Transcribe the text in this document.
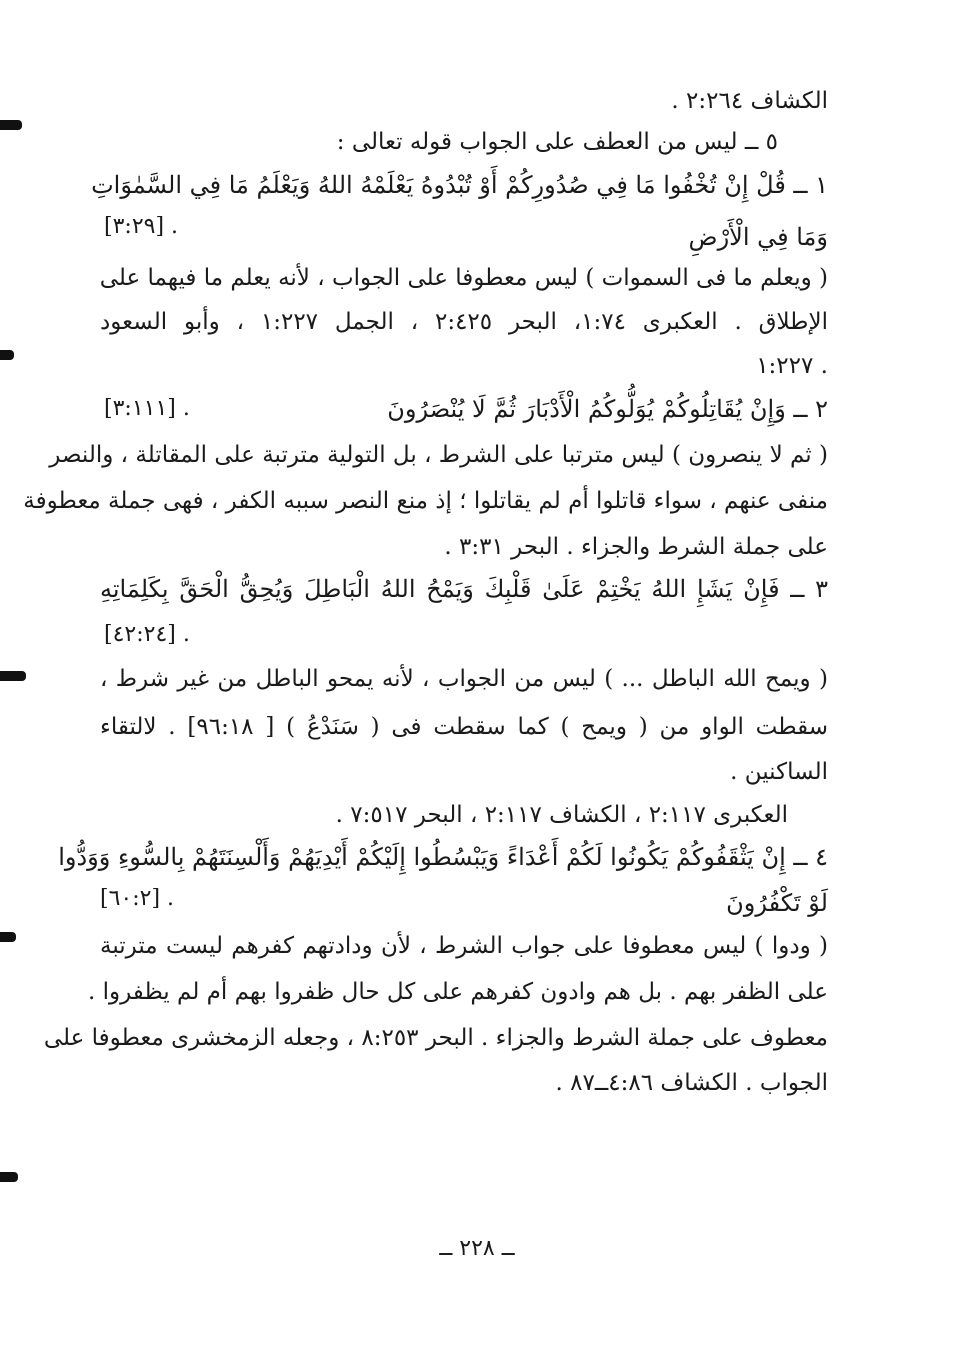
الكشاف ٢:٢٦٤ .
٥ ــ ليس من العطف على الجواب قوله تعالى :
١ ــ قُلْ إِنْ تُخْفُوا مَا فِي صُدُورِكُمْ أَوْ تُبْدُوهُ يَعْلَمْهُ اللهُ وَيَعْلَمُ مَا فِي السَّمٰوَاتِ
وَمَا فِي الْأَرْضِ
[٣:٢٩] .
( ويعلم ما فى السموات ) ليس معطوفا على الجواب ، لأنه يعلم ما فيهما على
الإطلاق . العكبرى ١:٧٤، البحر ٢:٤٢٥ ، الجمل ١:٢٢٧ ، وأبو السعود
١:٢٢٧ .
٢ ــ وَإِنْ يُقَاتِلُوكُمْ يُوَلُّوكُمُ الْأَدْبَارَ ثُمَّ لَا يُنْصَرُونَ
[٣:١١١] .
( ثم لا ينصرون ) ليس مترتبا على الشرط ، بل التولية مترتبة على المقاتلة ، والنصر
منفى عنهم ، سواء قاتلوا أم لم يقاتلوا ؛ إذ منع النصر سببه الكفر ، فهى جملة معطوفة
على جملة الشرط والجزاء . البحر ٣:٣١ .
٣ ــ فَإِنْ يَشَإِ اللهُ يَخْتِمْ عَلَىٰ قَلْبِكَ وَيَمْحُ اللهُ الْبَاطِلَ وَيُحِقُّ الْحَقَّ بِكَلِمَاتِهِ
[٤٢:٢٤] .
( ويمح الله الباطل ... ) ليس من الجواب ، لأنه يمحو الباطل من غير شرط ،
سقطت الواو من ( ويمح ) كما سقطت فى ( سَنَدْعُ ) [ ٩٦:١٨] . لالتقاء
الساكنين .
العكبرى ٢:١١٧ ، الكشاف ٢:١١٧ ، البحر ٧:٥١٧ .
٤ ــ إِنْ يَثْقَفُوكُمْ يَكُونُوا لَكُمْ أَعْدَاءً وَيَبْسُطُوا إِلَيْكُمْ أَيْدِيَهُمْ وَأَلْسِنَتَهُمْ بِالسُّوءِ وَوَدُّوا
لَوْ تَكْفُرُونَ
[٦٠:٢] .
( ودوا ) ليس معطوفا على جواب الشرط ، لأن ودادتهم كفرهم ليست مترتبة
على الظفر بهم . بل هم وادون كفرهم على كل حال ظفروا بهم أم لم يظفروا .
معطوف على جملة الشرط والجزاء . البحر ٨:٢٥٣ ، وجعله الزمخشرى معطوفا على
الجواب . الكشاف ٤:٨٦ــ٨٧ .
ــ ٢٢٨ ــ
